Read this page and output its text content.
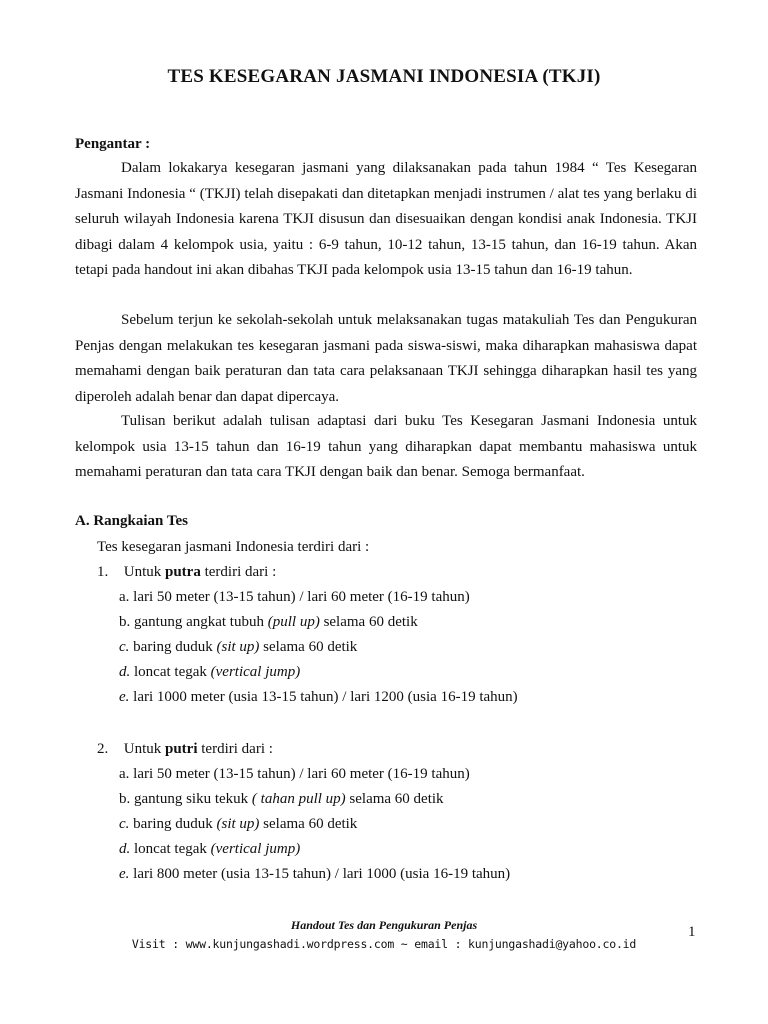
TES KESEGARAN JASMANI INDONESIA (TKJI)
Pengantar :

Dalam lokakarya kesegaran jasmani yang dilaksanakan pada tahun 1984 “ Tes Kesegaran Jasmani Indonesia “ (TKJI) telah disepakati dan ditetapkan menjadi instrumen / alat tes yang berlaku di seluruh wilayah Indonesia karena TKJI disusun dan disesuaikan dengan kondisi anak Indonesia. TKJI dibagi dalam 4 kelompok usia, yaitu : 6-9 tahun, 10-12 tahun, 13-15 tahun, dan 16-19 tahun. Akan tetapi pada handout ini akan dibahas TKJI pada kelompok usia 13-15 tahun dan 16-19 tahun.

Sebelum terjun ke sekolah-sekolah untuk melaksanakan tugas matakuliah Tes dan Pengukuran Penjas dengan melakukan tes kesegaran jasmani pada siswa-siswi, maka diharapkan mahasiswa dapat memahami dengan baik peraturan dan tata cara pelaksanaan TKJI sehingga diharapkan hasil tes yang diperoleh adalah benar dan dapat dipercaya.

Tulisan berikut adalah tulisan adaptasi dari buku Tes Kesegaran Jasmani Indonesia untuk kelompok usia 13-15 tahun dan 16-19 tahun yang diharapkan dapat membantu mahasiswa untuk memahami peraturan dan tata cara TKJI dengan baik dan benar. Semoga bermanfaat.

A. Rangkaian Tes
Tes kesegaran jasmani Indonesia terdiri dari :
1. Untuk putra terdiri dari :
a. lari 50 meter (13-15 tahun) / lari 60 meter (16-19 tahun)
b. gantung angkat tubuh (pull up) selama 60 detik
c. baring duduk (sit up) selama 60 detik
d. loncat tegak (vertical jump)
e. lari 1000 meter (usia 13-15 tahun) / lari 1200 (usia 16-19 tahun)
2. Untuk putri terdiri dari :
a. lari 50 meter (13-15 tahun) / lari 60 meter (16-19 tahun)
b. gantung siku tekuk ( tahan pull up) selama 60 detik
c. baring duduk (sit up) selama 60 detik
d. loncat tegak (vertical jump)
e. lari 800 meter (usia 13-15 tahun) / lari 1000 (usia 16-19 tahun)
Handout Tes dan Pengukuran Penjas
Visit : www.kunjungashadi.wordpress.com ~ email : kunjungashadi@yahoo.co.id
1
